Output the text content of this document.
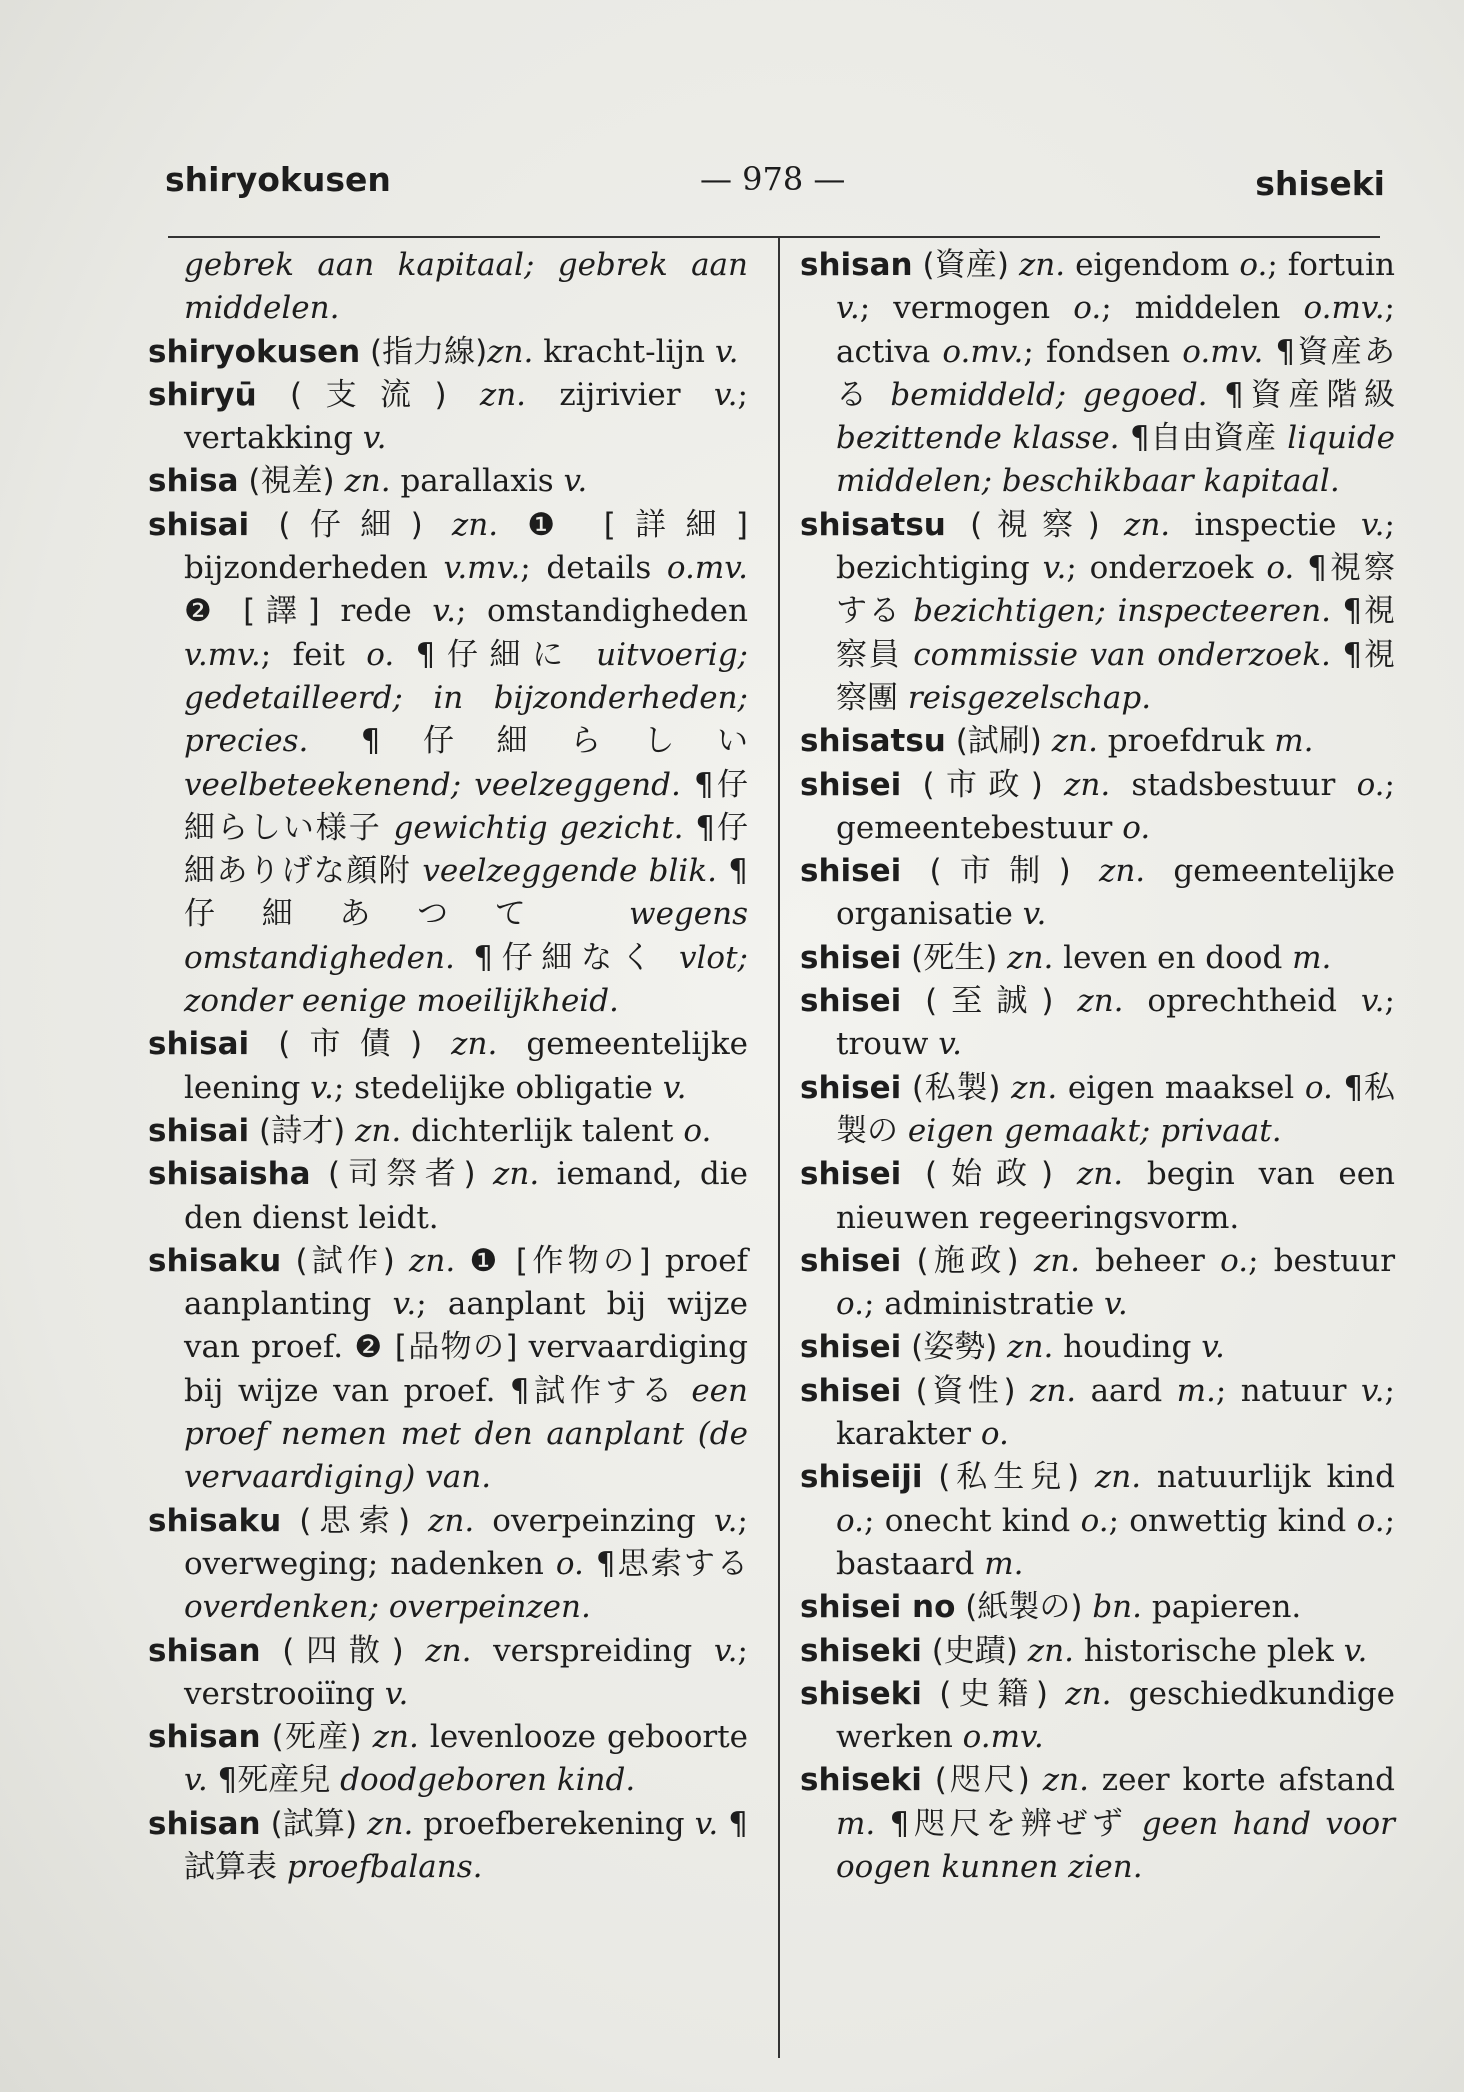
shiryokusen	— 978 —	shiseki

gebrek aan kapitaal; gebrek aan middelen.

shiryokusen (指力線)zn. kracht-lijn v.

shiryū (支流) zn. zijrivier v.; vertakking v.

shisa (視差) zn. parallaxis v.

shisai (仔細) zn. ❶ [詳細] bijzonderheden v.mv.; details o.mv. ❷ [譯] rede v.; omstandigheden v.mv.; feit o. ¶仔細に uitvoerig; gedetailleerd; in bijzonderheden; precies. ¶仔細らしい veelbeteekenend; veelzeggend. ¶仔細らしい様子 gewichtig gezicht. ¶仔細ありげな顔附 veelzeggende blik. ¶仔細あつて wegens omstandigheden. ¶仔細なく vlot; zonder eenige moeilijkheid.

shisai (市債) zn. gemeentelijke leening v.; stedelijke obligatie v.

shisai (詩才) zn. dichterlijk talent o.

shisaisha (司祭者) zn. iemand, die den dienst leidt.

shisaku (試作) zn. ❶ [作物の] proef aanplanting v.; aanplant bij wijze van proef. ❷ [品物の] vervaardiging bij wijze van proef. ¶試作する een proef nemen met den aanplant (de vervaardiging) van.

shisaku (思索) zn. overpeinzing v.; overweging; nadenken o. ¶思索する overdenken; overpeinzen.

shisan (四散) zn. verspreiding v.; verstrooiïng v.

shisan (死産) zn. levenlooze geboorte v. ¶死産兒 doodgeboren kind.

shisan (試算) zn. proefberekening v. ¶試算表 proefbalans.

shisan (資産) zn. eigendom o.; fortuin v.; vermogen o.; middelen o.mv.; activa o.mv.; fondsen o.mv. ¶資産ある bemiddeld; gegoed. ¶資産階級 bezittende klasse. ¶自由資産 liquide middelen; beschikbaar kapitaal.

shisatsu (視察) zn. inspectie v.; bezichtiging v.; onderzoek o. ¶視察する bezichtigen; inspecteeren. ¶視察員 commissie van onderzoek. ¶視察團 reisgezelschap.

shisatsu (試刷) zn. proefdruk m.

shisei (市政) zn. stadsbestuur o.; gemeentebestuur o.

shisei (市制) zn. gemeentelijke organisatie v.

shisei (死生) zn. leven en dood m.

shisei (至誠) zn. oprechtheid v.; trouw v.

shisei (私製) zn. eigen maaksel o. ¶私製の eigen gemaakt; privaat.

shisei (始政) zn. begin van een nieuwen regeeringsvorm.

shisei (施政) zn. beheer o.; bestuur o.; administratie v.

shisei (姿勢) zn. houding v.

shisei (資性) zn. aard m.; natuur v.; karakter o.

shiseiji (私生兒) zn. natuurlijk kind o.; onecht kind o.; onwettig kind o.; bastaard m.

shisei no (紙製の) bn. papieren.

shiseki (史蹟) zn. historische plek v.

shiseki (史籍) zn. geschiedkundige werken o.mv.

shiseki (咫尺) zn. zeer korte afstand m. ¶咫尺を辨ぜず geen hand voor oogen kunnen zien.
